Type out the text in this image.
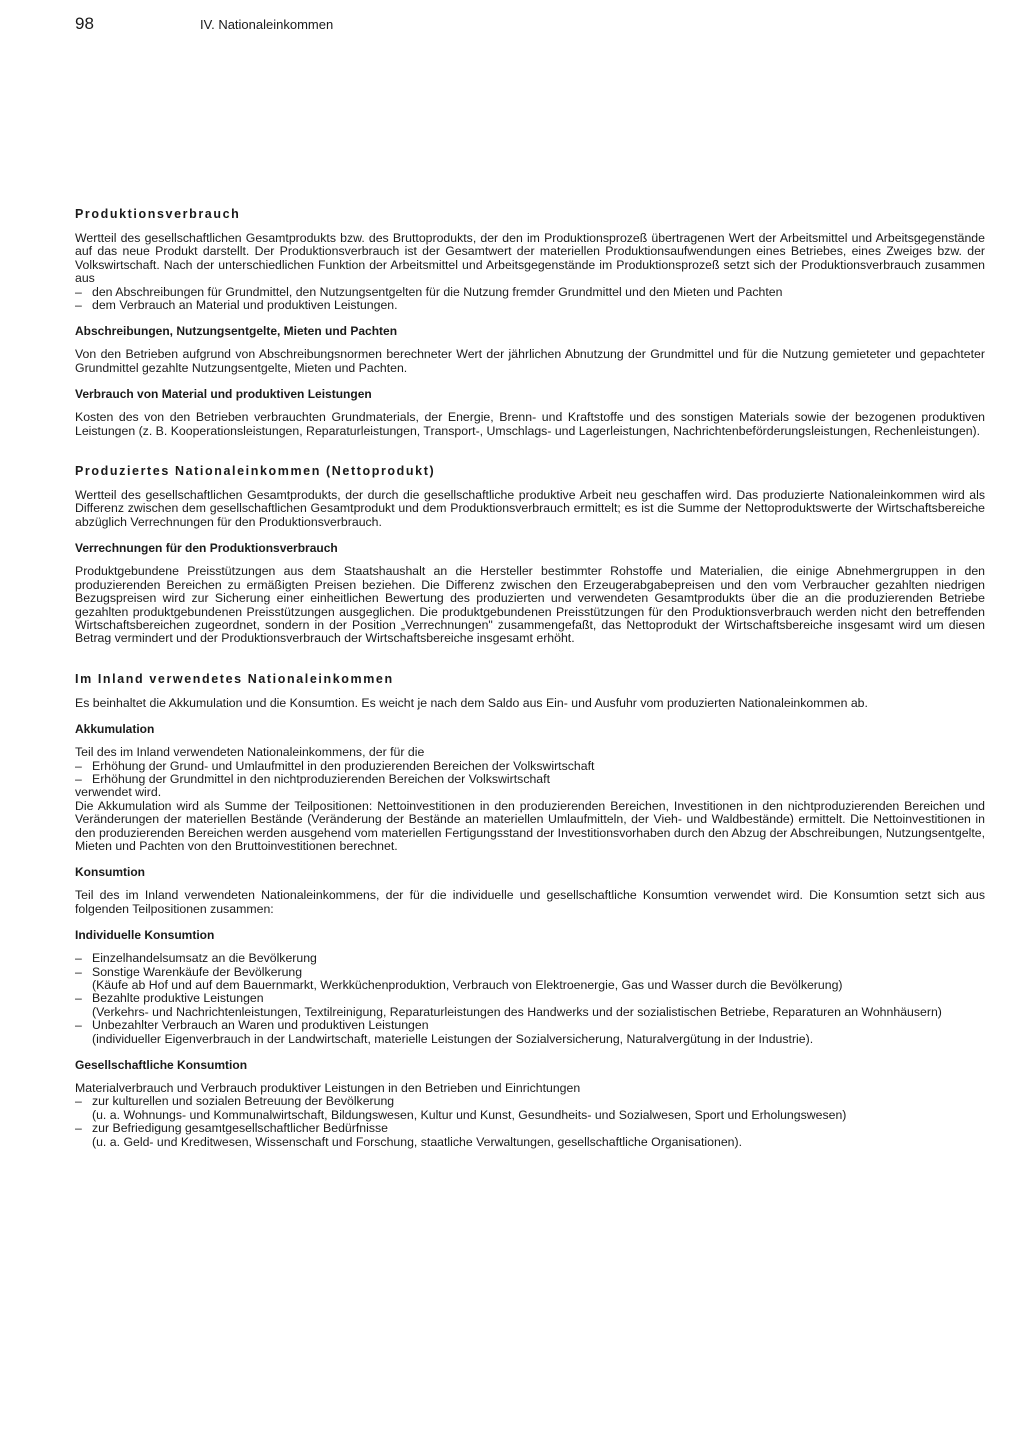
98	IV. Nationaleinkommen
Produktionsverbrauch

Wertteil des gesellschaftlichen Gesamtprodukts bzw. des Bruttoprodukts, der den im Produktionsprozeß übertragenen Wert der Arbeitsmittel und Arbeitsgegenstände auf das neue Produkt darstellt. Der Produktionsverbrauch ist der Gesamtwert der materiellen Produktionsaufwendungen eines Betriebes, eines Zweiges bzw. der Volkswirtschaft. Nach der unterschiedlichen Funktion der Arbeitsmittel und Arbeitsgegenstände im Produktionsprozeß setzt sich der Produktionsverbrauch zusammen aus

– den Abschreibungen für Grundmittel, den Nutzungsentgelten für die Nutzung fremder Grundmittel und den Mieten und Pachten
– dem Verbrauch an Material und produktiven Leistungen.
Abschreibungen, Nutzungsentgelte, Mieten und Pachten

Von den Betrieben aufgrund von Abschreibungsnormen berechneter Wert der jährlichen Abnutzung der Grundmittel und für die Nutzung gemieteter und gepachteter Grundmittel gezahlte Nutzungsentgelte, Mieten und Pachten.

Verbrauch von Material und produktiven Leistungen

Kosten des von den Betrieben verbrauchten Grundmaterials, der Energie, Brenn- und Kraftstoffe und des sonstigen Materials sowie der bezogenen produktiven Leistungen (z. B. Kooperationsleistungen, Reparaturleistungen, Transport-, Umschlags- und Lagerleistungen, Nachrichtenbeförderungsleistungen, Rechenleistungen).

Produziertes Nationaleinkommen (Nettoprodukt)

Wertteil des gesellschaftlichen Gesamtprodukts, der durch die gesellschaftliche produktive Arbeit neu geschaffen wird. Das produzierte Nationaleinkommen wird als Differenz zwischen dem gesellschaftlichen Gesamtprodukt und dem Produktionsverbrauch ermittelt; es ist die Summe der Nettoproduktswerte der Wirtschaftsbereiche abzüglich Verrechnungen für den Produktionsverbrauch.

Verrechnungen für den Produktionsverbrauch

Produktgebundene Preisstützungen aus dem Staatshaushalt an die Hersteller bestimmter Rohstoffe und Materialien, die einige Abnehmergruppen in den produzierenden Bereichen zu ermäßigten Preisen beziehen. Die Differenz zwischen den Erzeugerabgabepreisen und den vom Verbraucher gezahlten niedrigen Bezugspreisen wird zur Sicherung einer einheitlichen Bewertung des produzierten und verwendeten Gesamtprodukts über die an die produzierenden Betriebe gezahlten produktgebundenen Preisstützungen ausgeglichen. Die produktgebundenen Preisstützungen für den Produktionsverbrauch werden nicht den betreffenden Wirtschaftsbereichen zugeordnet, sondern in der Position „Verrechnungen" zusammengefaßt, das Nettoprodukt der Wirtschaftsbereiche insgesamt wird um diesen Betrag vermindert und der Produktionsverbrauch der Wirtschaftsbereiche insgesamt erhöht.

Im Inland verwendetes Nationaleinkommen

Es beinhaltet die Akkumulation und die Konsumtion. Es weicht je nach dem Saldo aus Ein- und Ausfuhr vom produzierten Nationaleinkommen ab.

Akkumulation

Teil des im Inland verwendeten Nationaleinkommens, der für die

– Erhöhung der Grund- und Umlaufmittel in den produzierenden Bereichen der Volkswirtschaft
– Erhöhung der Grundmittel in den nichtproduzierenden Bereichen der Volkswirtschaft

verwendet wird.

Die Akkumulation wird als Summe der Teilpositionen: Nettoinvestitionen in den produzierenden Bereichen, Investitionen in den nichtproduzierenden Bereichen und Veränderungen der materiellen Bestände (Veränderung der Bestände an materiellen Umlaufmitteln, der Vieh- und Waldbestände) ermittelt. Die Nettoinvestitionen in den produzierenden Bereichen werden ausgehend vom materiellen Fertigungsstand der Investitionsvorhaben durch den Abzug der Abschreibungen, Nutzungsentgelte, Mieten und Pachten von den Bruttoinvestitionen berechnet.

Konsumtion

Teil des im Inland verwendeten Nationaleinkommens, der für die individuelle und gesellschaftliche Konsumtion verwendet wird. Die Konsumtion setzt sich aus folgenden Teilpositionen zusammen:

Individuelle Konsumtion
– Einzelhandelsumsatz an die Bevölkerung
– Sonstige Warenkäufe der Bevölkerung
(Käufe ab Hof und auf dem Bauernmarkt, Werkküchenproduktion, Verbrauch von Elektroenergie, Gas und Wasser durch die Bevölkerung)
– Bezahlte produktive Leistungen
(Verkehrs- und Nachrichtenleistungen, Textilreinigung, Reparaturleistungen des Handwerks und der sozialistischen Betriebe, Reparaturen an Wohnhäusern)
– Unbezahlter Verbrauch an Waren und produktiven Leistungen
(individueller Eigenverbrauch in der Landwirtschaft, materielle Leistungen der Sozialversicherung, Naturalvergütung in der Industrie).
Gesellschaftliche Konsumtion

Materialverbrauch und Verbrauch produktiver Leistungen in den Betrieben und Einrichtungen

– zur kulturellen und sozialen Betreuung der Bevölkerung
(u. a. Wohnungs- und Kommunalwirtschaft, Bildungswesen, Kultur und Kunst, Gesundheits- und Sozialwesen, Sport und Erholungswesen)
– zur Befriedigung gesamtgesellschaftlicher Bedürfnisse
(u. a. Geld- und Kreditwesen, Wissenschaft und Forschung, staatliche Verwaltungen, gesellschaftliche Organisationen).
